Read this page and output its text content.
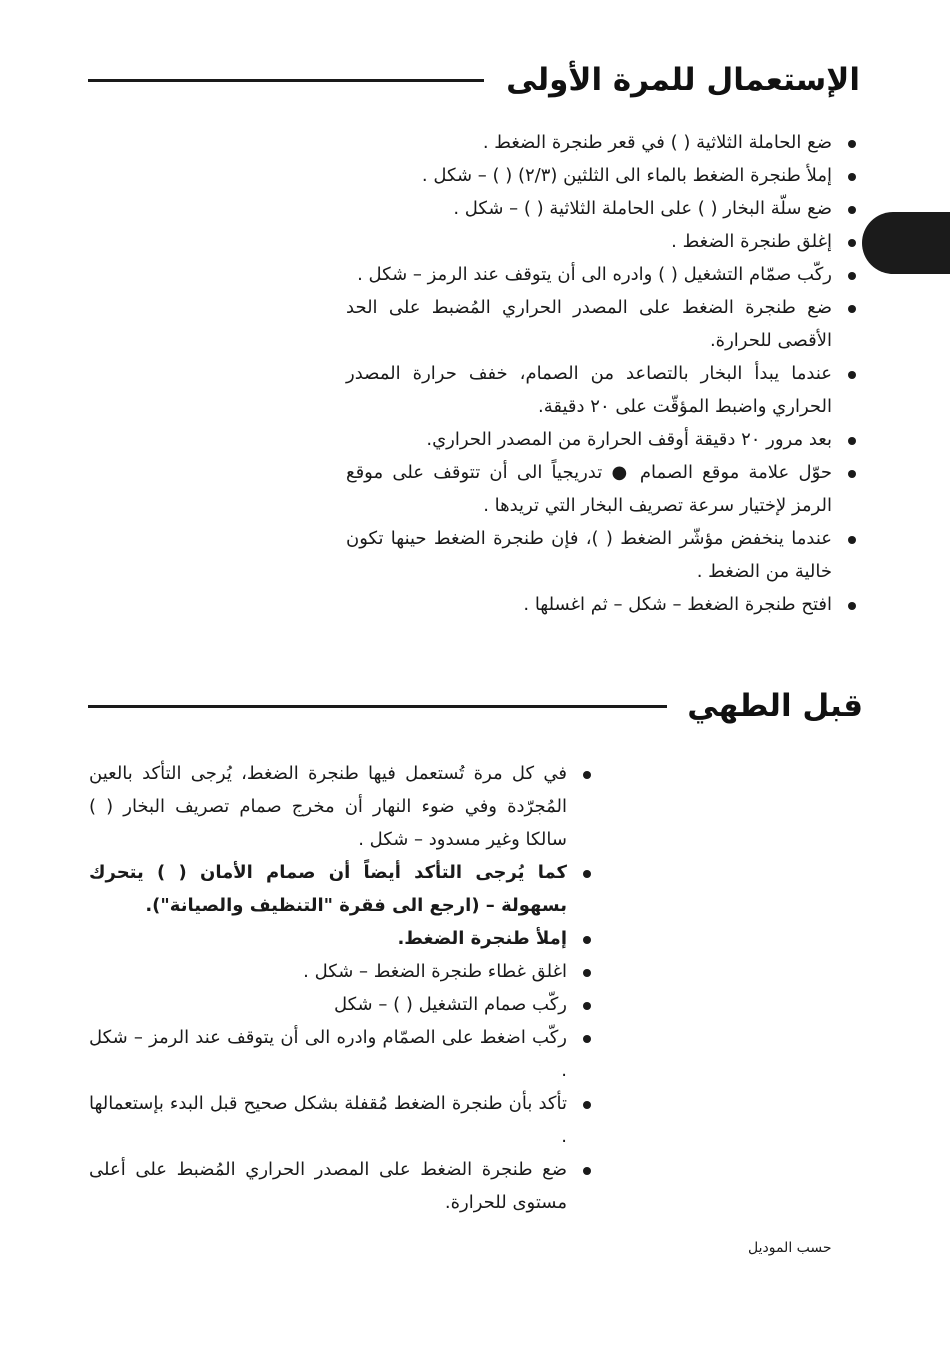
الإستعمال للمرة الأولى
ضع الحاملة الثلاثية ( ) في قعر طنجرة الضغط .
إملأ طنجرة الضغط بالماء الى الثلثين (٢/٣) ( ) – شكل .
ضع سلّة البخار ( ) على الحاملة الثلاثية ( ) – شكل .
إغلق طنجرة الضغط .
ركّب صمّام التشغيل ( ) وادره الى أن يتوقف عند الرمز – شكل .
ضع طنجرة الضغط على المصدر الحراري المُضبط على الحد الأقصى للحرارة.
عندما يبدأ البخار بالتصاعد من الصمام، خفف حرارة المصدر الحراري واضبط المؤقّت على ٢٠ دقيقة.
بعد مرور ٢٠ دقيقة أوقف الحرارة من المصدر الحراري.
حوّل علامة موقع الصمام ● تدريجياً الى أن تتوقف على موقع الرمز لإختيار سرعة تصريف البخار التي تريدها .
عندما ينخفض مؤشّر الضغط ( )، فإن طنجرة الضغط حينها تكون خالية من الضغط .
افتح طنجرة الضغط – شكل – ثم اغسلها .
قبل الطهي
في كل مرة تُستعمل فيها طنجرة الضغط، يُرجى التأكد بالعين المُجرّدة وفي ضوء النهار أن مخرج صمام تصريف البخار ( ) سالكا وغير مسدود – شكل .
كما يُرجى التأكد أيضاً أن صمام الأمان ( ) يتحرك بسهولة – (ارجع الى فقرة "التنظيف والصيانة").
إملأ طنجرة الضغط.
اغلق غطاء طنجرة الضغط – شكل .
ركّب صمام التشغيل ( ) – شكل
ركّب اضغط على الصمّام وادره الى أن يتوقف عند الرمز – شكل .
تأكد بأن طنجرة الضغط مُقفلة بشكل صحيح قبل البدء بإستعمالها .
ضع طنجرة الضغط على المصدر الحراري المُضبط على أعلى مستوى للحرارة.
حسب الموديل
